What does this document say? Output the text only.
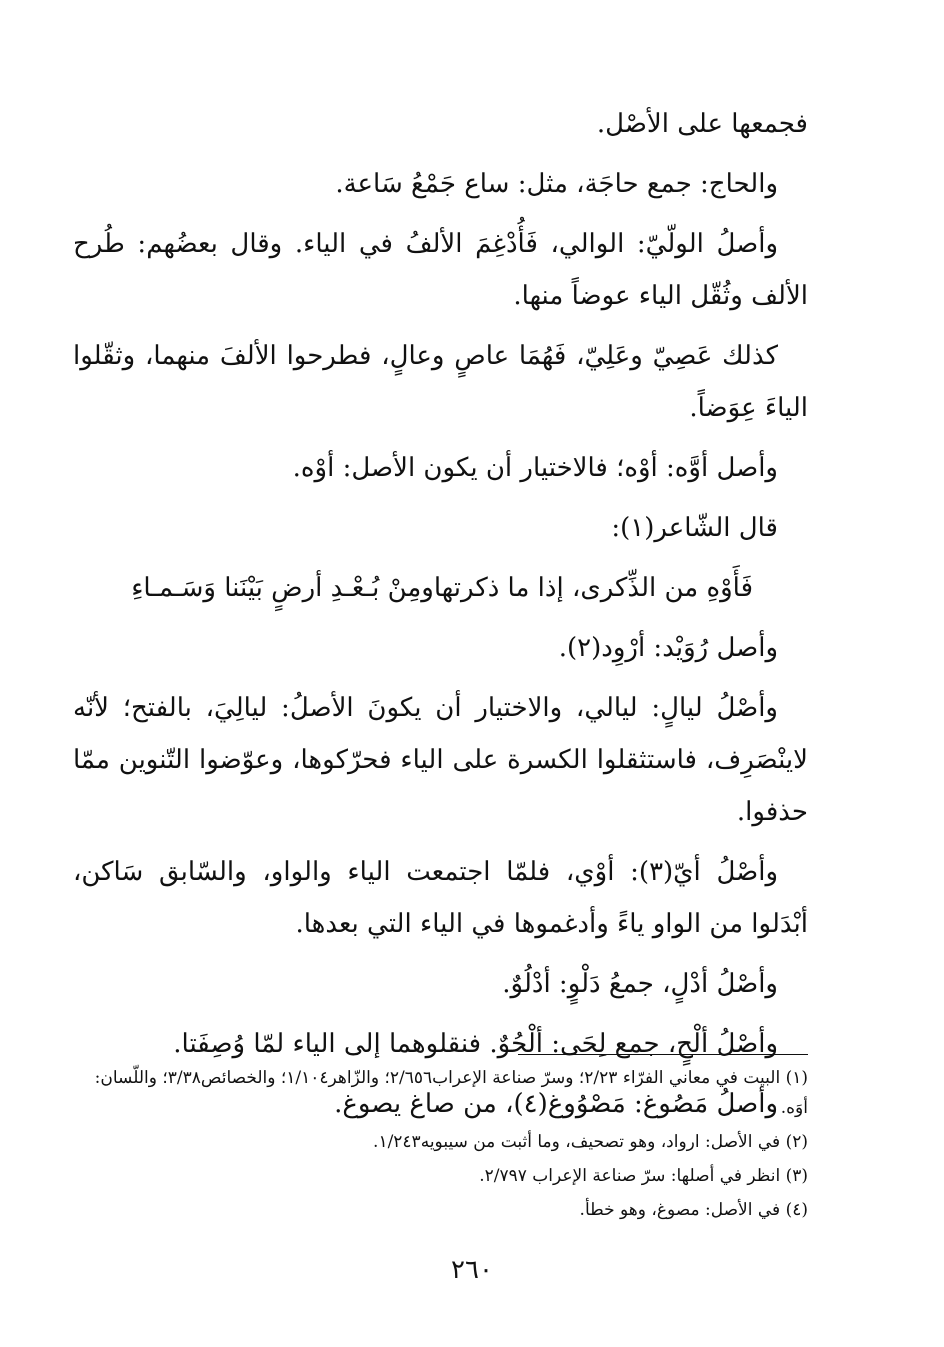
فجمعها على الأصْل.

والحاج: جمع حاجَة، مثل: ساع جَمْعُ سَاعة.

وأصلُ الولّيّ: الوالي، فَأُدْغِمَ الألفُ في الياء. وقال بعضُهم: طُرح الألف وثُقّل الياء عوضاً منها.

كذلك عَصِيّ وعَلِيّ، فَهُمَا عاصٍ وعالٍ، فطرحوا الألفَ منهما، وثقّلوا الياءَ عِوَضاً.

وأصل أوَّه: أوْه؛ فالاختيار أن يكون الأصل: أوْه.

قال الشّاعر(١):

فَأَوْهِ من الذِّكرى، إذا ما ذكرتها
ومِنْ بُـعْـدِ أرضٍ بَيْنَنا وَسَـمـاءِ

وأصل رُوَيْد: أرْوِد(٢).

وأصْلُ ليالٍ: ليالي، والاختيار أن يكونَ الأصلُ: ليالِيَ، بالفتح؛ لأنّه لاينْصَرِف، فاستثقلوا الكسرة على الياء فحرّكوها، وعوّضوا التّنوين ممّا حذفوا.

وأصْلُ أيّ(٣): أوْي، فلمّا اجتمعت الياء والواو، والسّابق سَاكن، أبْدَلوا من الواو ياءً وأدغموها في الياء التي بعدها.

وأصْلُ أدْلٍ، جمعُ دَلْوٍ: أدْلُوٌ.

وأصْلُ ألْحٍ، جمع لِحَى: ألْحُوٌ. فنقلوهما إلى الياء لمّا وُصِفَتا.

وأصلُ مَصُوغ: مَصْوُوغ(٤)، من صاغ يصوغ.

(١) البيت في معاني الفرّاء ٢/٢٣؛ وسرّ صناعة الإعراب٢/٦٥٦؛ والزّاهر١/١٠٤؛ والخصائص٣/٣٨؛ واللّسان: أوَه.

(٢) في الأصل: ارواد، وهو تصحيف، وما أثبت من سيبويه١/٢٤٣.

(٣) انظر في أصلها: سرّ صناعة الإعراب ٢/٧٩٧.

(٤) في الأصل: مصوغ، وهو خطأ.

٢٦٠
